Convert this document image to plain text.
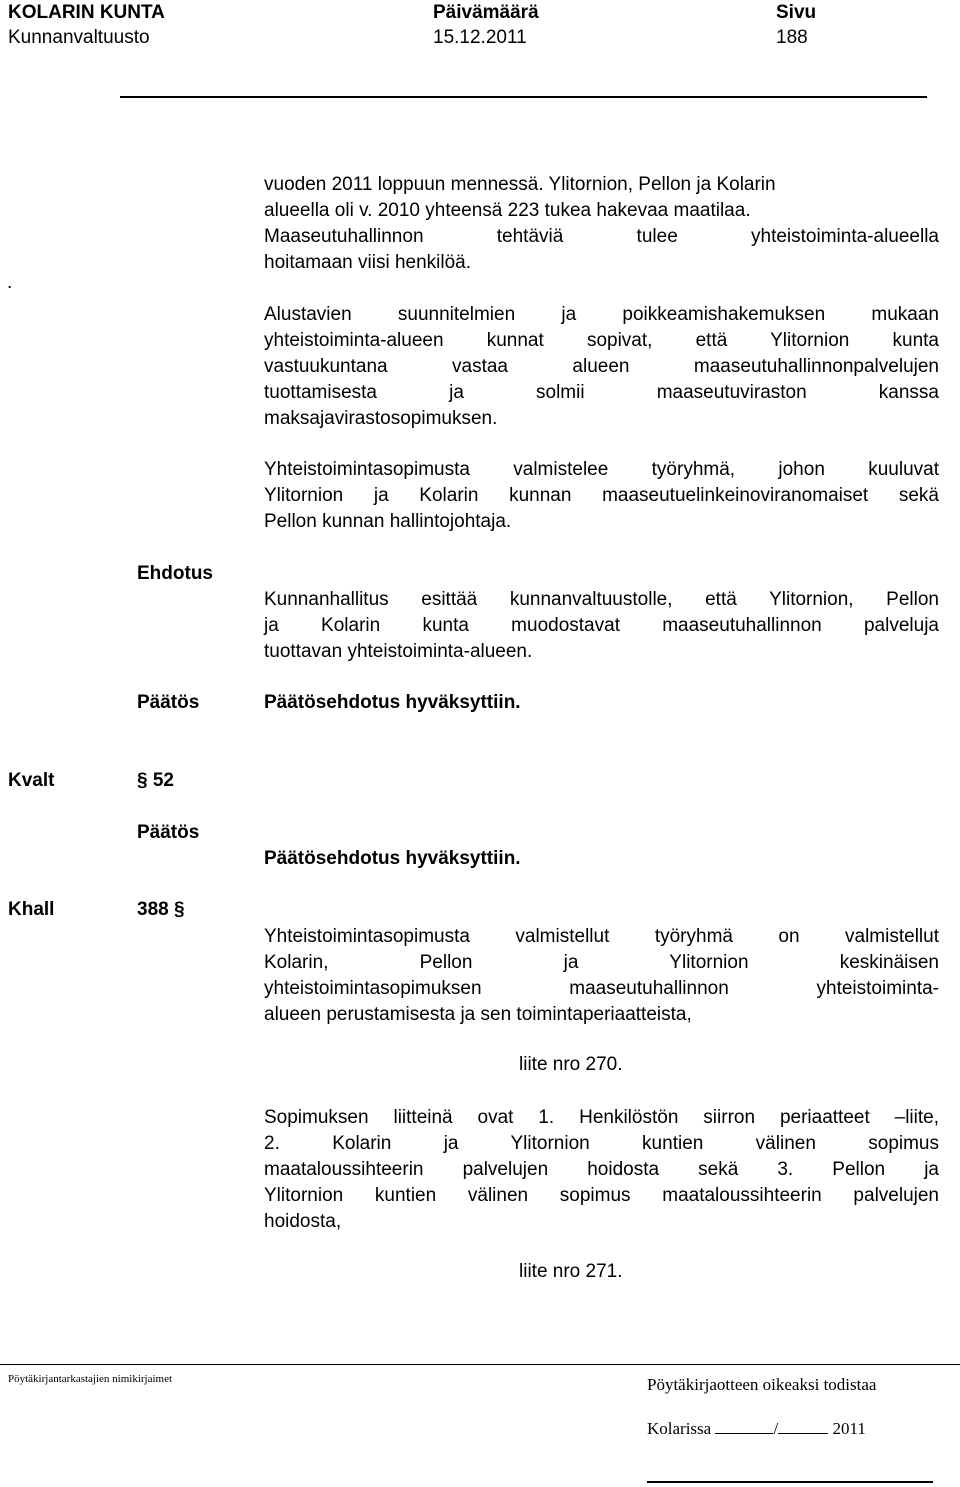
KOLARIN KUNTA
Kunnanvaltuusto
Päivämäärä
15.12.2011
Sivu
188
.
vuoden 2011 loppuun mennessä. Ylitornion, Pellon ja Kolarin
alueella oli v. 2010 yhteensä 223 tukea hakevaa maatilaa.
Maaseutuhallinnon tehtäviä tulee yhteistoiminta-alueella
hoitamaan viisi henkilöä.
Alustavien suunnitelmien ja poikkeamishakemuksen mukaan
yhteistoiminta-alueen kunnat sopivat, että Ylitornion kunta
vastuukuntana vastaa alueen maaseutuhallinnonpalvelujen
tuottamisesta ja solmii maaseutuviraston kanssa
maksajavirastosopimuksen.
Yhteistoimintasopimusta valmistelee työryhmä, johon kuuluvat
Ylitornion ja Kolarin kunnan maaseutuelinkeinoviranomaiset sekä
Pellon kunnan hallintojohtaja.
Ehdotus
Kunnanhallitus esittää kunnanvaltuustolle, että Ylitornion, Pellon
ja Kolarin kunta muodostavat maaseutuhallinnon palveluja
tuottavan yhteistoiminta-alueen.
Päätös	Päätösehdotus hyväksyttiin.
Kvalt	§ 52
Päätös
Päätösehdotus hyväksyttiin.
Khall	388 §
Yhteistoimintasopimusta valmistellut työryhmä on valmistellut
Kolarin, Pellon ja Ylitornion keskinäisen
yhteistoimintasopimuksen maaseutuhallinnon yhteistoiminta-
alueen perustamisesta ja sen toimintaperiaatteista,
liite nro 270.
Sopimuksen liitteinä ovat 1. Henkilöstön siirron periaatteet –liite,
2. Kolarin ja Ylitornion kuntien välinen sopimus
maataloussihteerin palvelujen hoidosta sekä 3. Pellon ja
Ylitornion kuntien välinen sopimus maataloussihteerin palvelujen
hoidosta,
liite nro 271.
Pöytäkirjantarkastajien nimikirjaimet	Pöytäkirjaotteen oikeaksi todistaa
Kolarissa	/	2011
